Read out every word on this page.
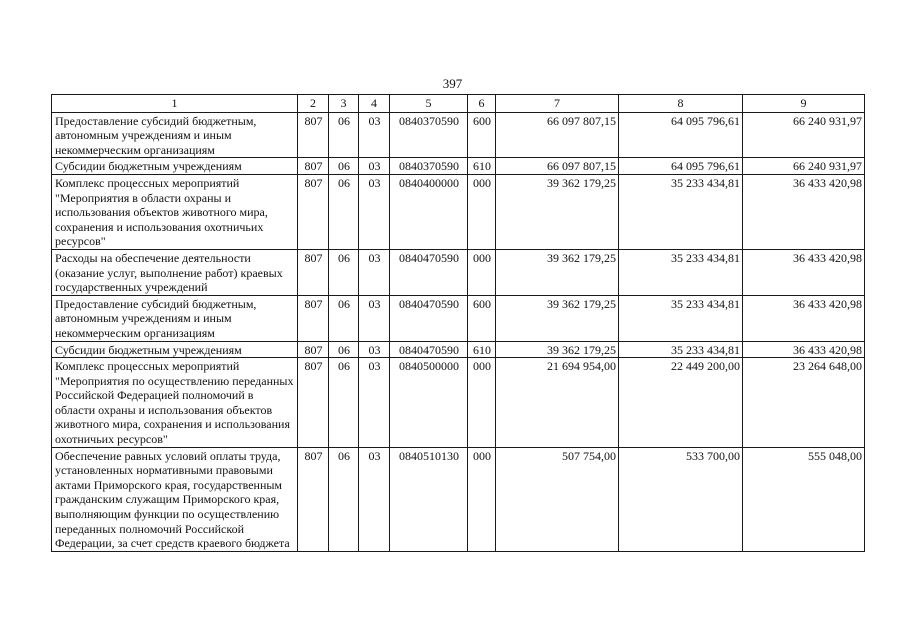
397
1	2	3	4	5	6	7	8	9
Предоставление субсидий бюджетным, автономным учреждениям и иным некоммерческим организациям	807	06	03	0840370590	600	66 097 807,15	64 095 796,61	66 240 931,97
Субсидии бюджетным учреждениям	807	06	03	0840370590	610	66 097 807,15	64 095 796,61	66 240 931,97
Комплекс процессных мероприятий "Мероприятия в области охраны и использования объектов животного мира, сохранения и использования охотничьих ресурсов"	807	06	03	0840400000	000	39 362 179,25	35 233 434,81	36 433 420,98
Расходы на обеспечение деятельности (оказание услуг, выполнение работ) краевых государственных учреждений	807	06	03	0840470590	000	39 362 179,25	35 233 434,81	36 433 420,98
Предоставление субсидий бюджетным, автономным учреждениям и иным некоммерческим организациям	807	06	03	0840470590	600	39 362 179,25	35 233 434,81	36 433 420,98
Субсидии бюджетным учреждениям	807	06	03	0840470590	610	39 362 179,25	35 233 434,81	36 433 420,98
Комплекс процессных мероприятий "Мероприятия по осуществлению переданных Российской Федерацией полномочий в области охраны и использования объектов животного мира, сохранения и использования охотничьих ресурсов"	807	06	03	0840500000	000	21 694 954,00	22 449 200,00	23 264 648,00
Обеспечение равных условий оплаты труда, установленных нормативными правовыми актами Приморского края, государственным гражданским служащим Приморского края, выполняющим функции по осуществлению переданных полномочий Российской Федерации, за счет средств краевого бюджета	807	06	03	0840510130	000	507 754,00	533 700,00	555 048,00
